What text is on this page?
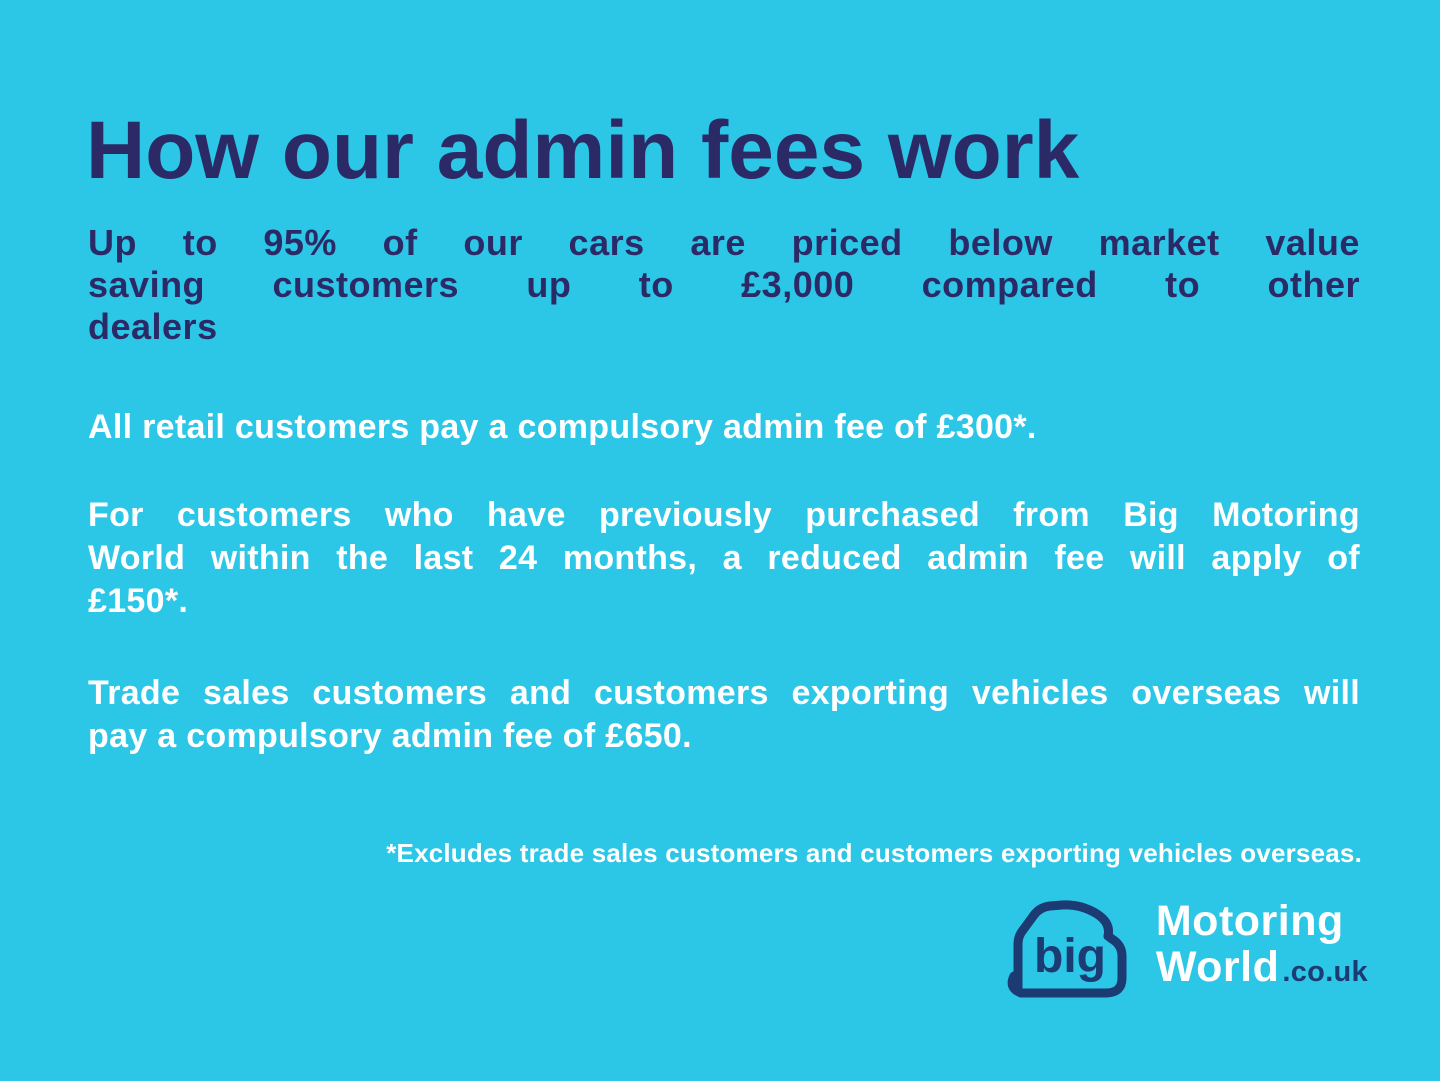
How our admin fees work
Up to 95% of our cars are priced below market value
saving customers up to £3,000 compared to other
dealers
All retail customers pay a compulsory admin fee of £300*.
For customers who have previously purchased from Big Motoring
World within the last 24 months, a reduced admin fee will apply of
£150*.
Trade sales customers and customers exporting vehicles overseas will
pay a compulsory admin fee of £650.
*Excludes trade sales customers and customers exporting vehicles overseas.
big
Motoring
World .co.uk
